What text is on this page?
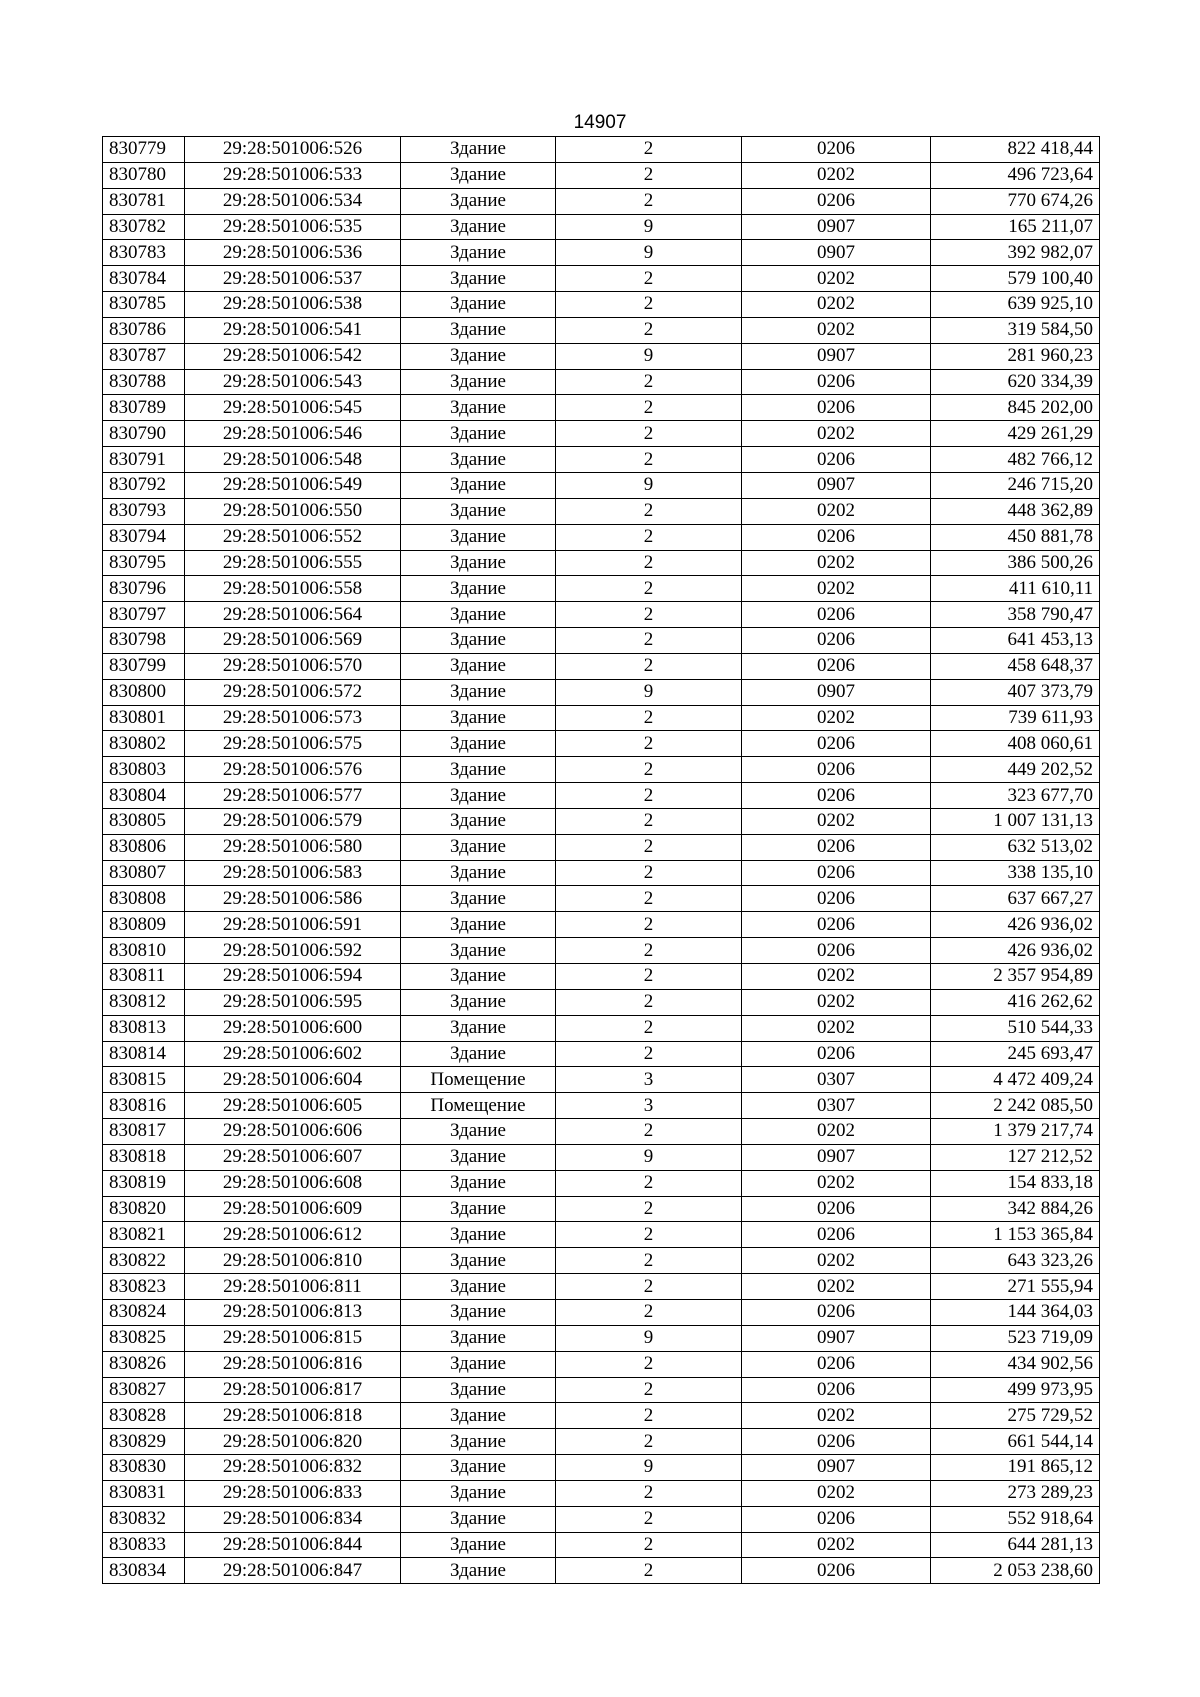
14907
830779	29:28:501006:526	Здание	2	0206	822 418,44
830780	29:28:501006:533	Здание	2	0202	496 723,64
830781	29:28:501006:534	Здание	2	0206	770 674,26
830782	29:28:501006:535	Здание	9	0907	165 211,07
830783	29:28:501006:536	Здание	9	0907	392 982,07
830784	29:28:501006:537	Здание	2	0202	579 100,40
830785	29:28:501006:538	Здание	2	0202	639 925,10
830786	29:28:501006:541	Здание	2	0202	319 584,50
830787	29:28:501006:542	Здание	9	0907	281 960,23
830788	29:28:501006:543	Здание	2	0206	620 334,39
830789	29:28:501006:545	Здание	2	0206	845 202,00
830790	29:28:501006:546	Здание	2	0202	429 261,29
830791	29:28:501006:548	Здание	2	0206	482 766,12
830792	29:28:501006:549	Здание	9	0907	246 715,20
830793	29:28:501006:550	Здание	2	0202	448 362,89
830794	29:28:501006:552	Здание	2	0206	450 881,78
830795	29:28:501006:555	Здание	2	0202	386 500,26
830796	29:28:501006:558	Здание	2	0202	411 610,11
830797	29:28:501006:564	Здание	2	0206	358 790,47
830798	29:28:501006:569	Здание	2	0206	641 453,13
830799	29:28:501006:570	Здание	2	0206	458 648,37
830800	29:28:501006:572	Здание	9	0907	407 373,79
830801	29:28:501006:573	Здание	2	0202	739 611,93
830802	29:28:501006:575	Здание	2	0206	408 060,61
830803	29:28:501006:576	Здание	2	0206	449 202,52
830804	29:28:501006:577	Здание	2	0206	323 677,70
830805	29:28:501006:579	Здание	2	0202	1 007 131,13
830806	29:28:501006:580	Здание	2	0206	632 513,02
830807	29:28:501006:583	Здание	2	0206	338 135,10
830808	29:28:501006:586	Здание	2	0206	637 667,27
830809	29:28:501006:591	Здание	2	0206	426 936,02
830810	29:28:501006:592	Здание	2	0206	426 936,02
830811	29:28:501006:594	Здание	2	0202	2 357 954,89
830812	29:28:501006:595	Здание	2	0202	416 262,62
830813	29:28:501006:600	Здание	2	0202	510 544,33
830814	29:28:501006:602	Здание	2	0206	245 693,47
830815	29:28:501006:604	Помещение	3	0307	4 472 409,24
830816	29:28:501006:605	Помещение	3	0307	2 242 085,50
830817	29:28:501006:606	Здание	2	0202	1 379 217,74
830818	29:28:501006:607	Здание	9	0907	127 212,52
830819	29:28:501006:608	Здание	2	0202	154 833,18
830820	29:28:501006:609	Здание	2	0206	342 884,26
830821	29:28:501006:612	Здание	2	0206	1 153 365,84
830822	29:28:501006:810	Здание	2	0202	643 323,26
830823	29:28:501006:811	Здание	2	0202	271 555,94
830824	29:28:501006:813	Здание	2	0206	144 364,03
830825	29:28:501006:815	Здание	9	0907	523 719,09
830826	29:28:501006:816	Здание	2	0206	434 902,56
830827	29:28:501006:817	Здание	2	0206	499 973,95
830828	29:28:501006:818	Здание	2	0202	275 729,52
830829	29:28:501006:820	Здание	2	0206	661 544,14
830830	29:28:501006:832	Здание	9	0907	191 865,12
830831	29:28:501006:833	Здание	2	0202	273 289,23
830832	29:28:501006:834	Здание	2	0206	552 918,64
830833	29:28:501006:844	Здание	2	0202	644 281,13
830834	29:28:501006:847	Здание	2	0206	2 053 238,60
